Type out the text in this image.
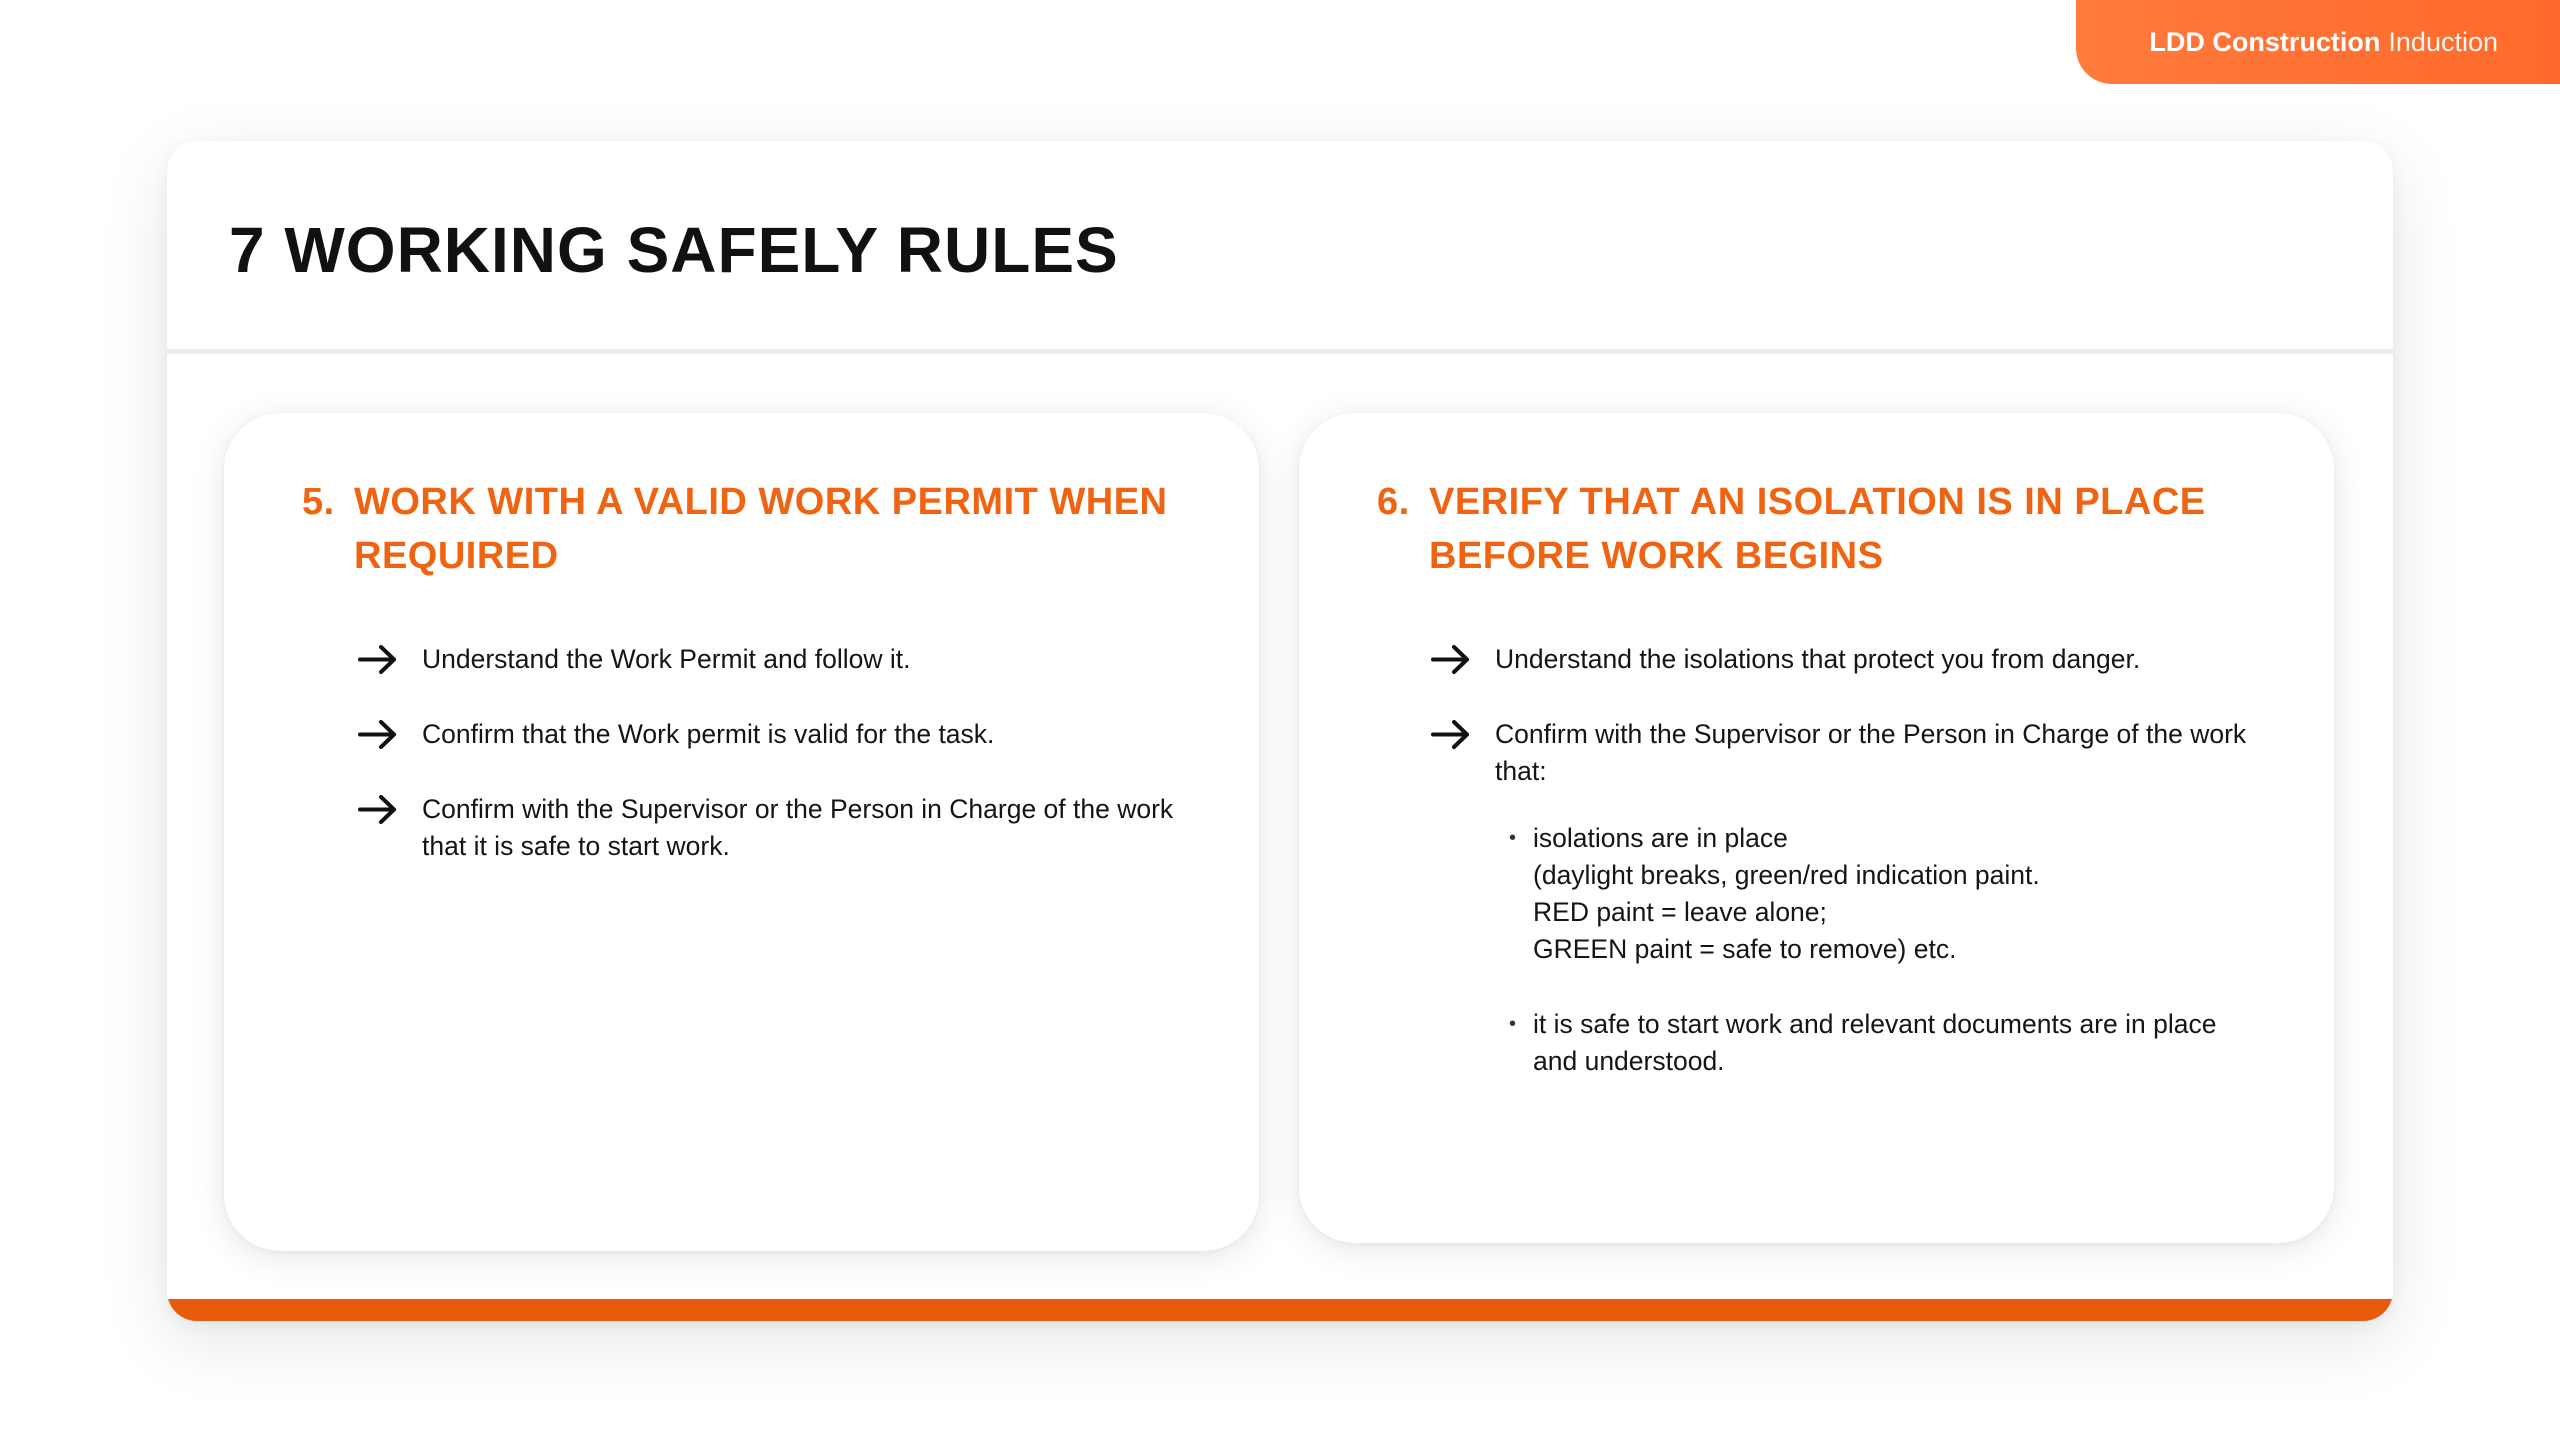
LDD Construction Induction
7 WORKING SAFELY RULES
5. WORK WITH A VALID WORK PERMIT WHEN REQUIRED
Understand the Work Permit and follow it.
Confirm that the Work permit is valid for the task.
Confirm with the Supervisor or the Person in Charge of the work that it is safe to start work.
6. VERIFY THAT AN ISOLATION IS IN PLACE BEFORE WORK BEGINS
Understand the isolations that protect you from danger.
Confirm with the Supervisor or the Person in Charge of the work that:
• isolations are in place
(daylight breaks, green/red indication paint.
RED paint = leave alone;
GREEN paint = safe to remove) etc.
• it is safe to start work and relevant documents are in place and understood.
